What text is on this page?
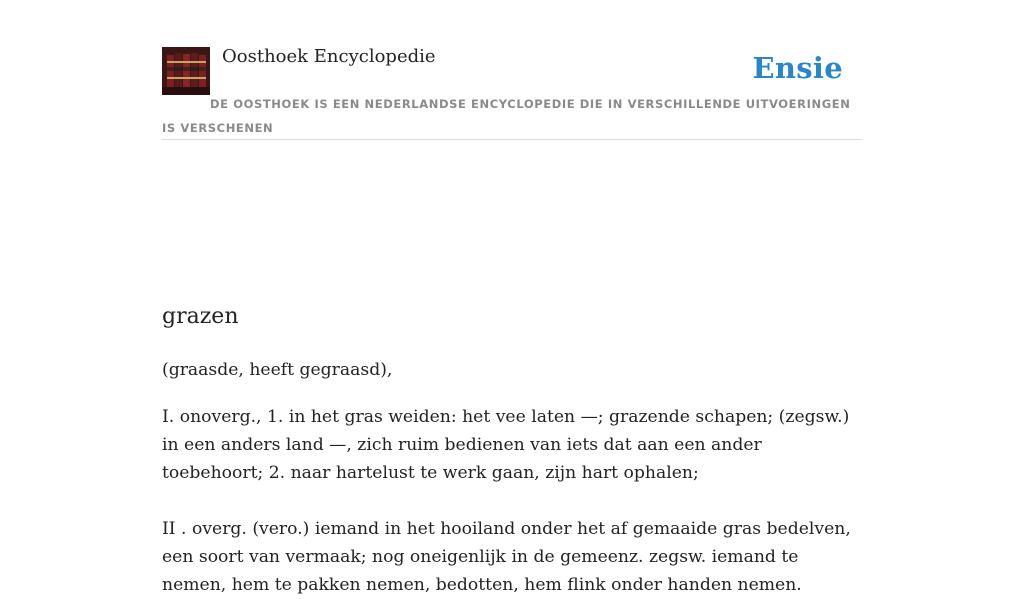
Oosthoek Encyclopedie	Ensie
DE OOSTHOEK IS EEN NEDERLANDSE ENCYCLOPEDIE DIE IN VERSCHILLENDE UITVOERINGEN IS VERSCHENEN
grazen
(graasde, heeft gegraasd),
I. onoverg., 1. in het gras weiden: het vee laten —; grazende schapen; (zegsw.) in een anders land —, zich ruim bedienen van iets dat aan een ander toebehoort; 2. naar hartelust te werk gaan, zijn hart ophalen;
II . overg. (vero.) iemand in het hooiland onder het af gemaaide gras bedelven, een soort van vermaak; nog oneigenlijk in de gemeenz. zegsw. iemand te nemen, hem te pakken nemen, bedotten, hem flink onder handen nemen.
